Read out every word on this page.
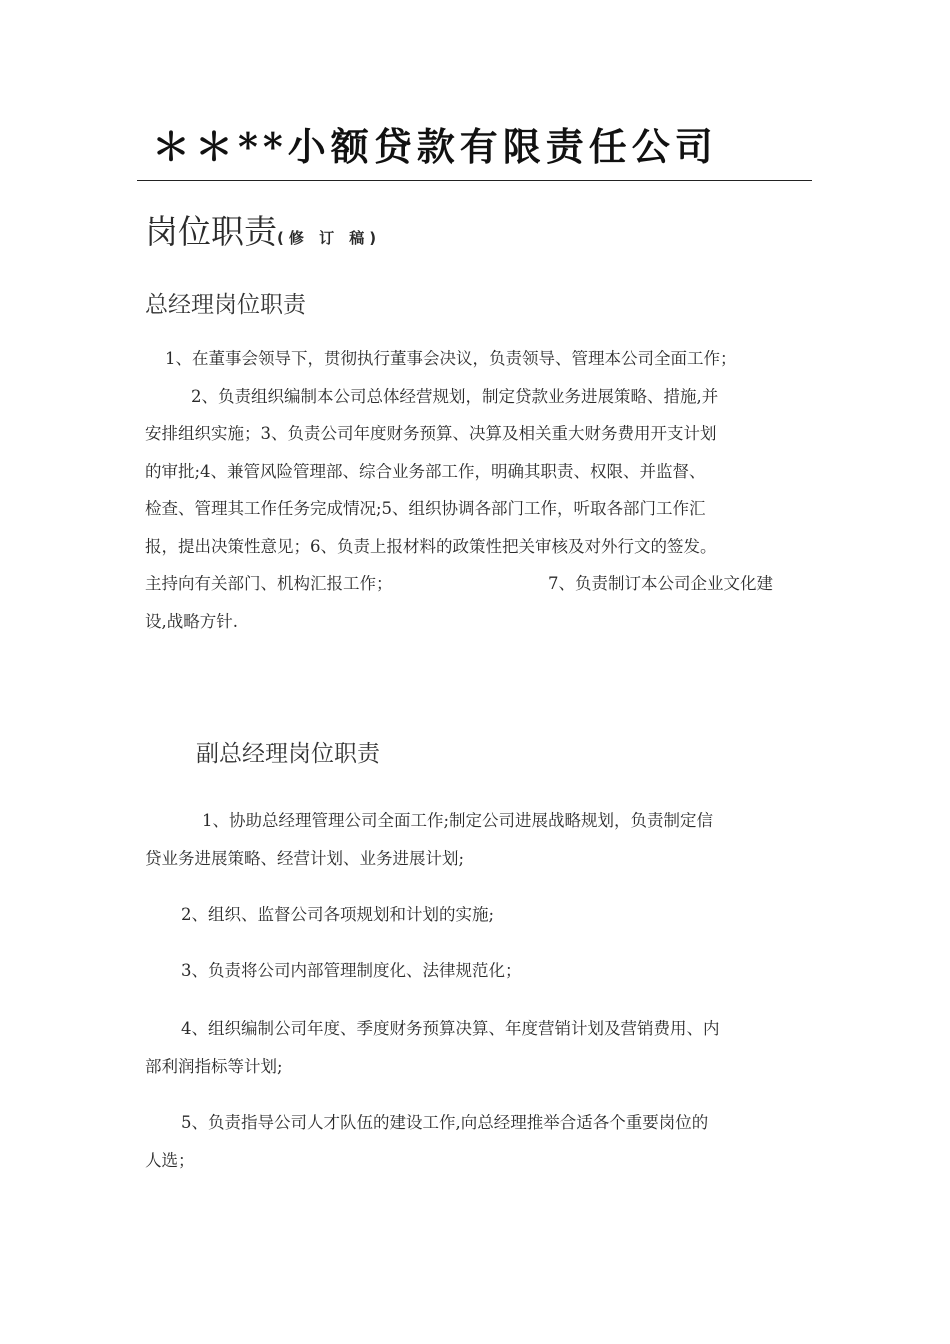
＊＊**小额贷款有限责任公司
岗位职责(修 订 稿)
总经理岗位职责
1、在董事会领导下，贯彻执行董事会决议，负责领导、管理本公司全面工作；
2、负责组织编制本公司总体经营规划，制定贷款业务进展策略、措施,并
安排组织实施；3、负责公司年度财务预算、决算及相关重大财务费用开支计划
的审批;4、兼管风险管理部、综合业务部工作，明确其职责、权限、并监督、
检查、管理其工作任务完成情况;5、组织协调各部门工作，听取各部门工作汇
报，提出决策性意见；6、负责上报材料的政策性把关审核及对外行文的签发。
主持向有关部门、机构汇报工作；	7、负责制订本公司企业文化建
设,战略方针.
副总经理岗位职责
1、协助总经理管理公司全面工作;制定公司进展战略规划，负责制定信
贷业务进展策略、经营计划、业务进展计划;
2、组织、监督公司各项规划和计划的实施;
3、负责将公司内部管理制度化、法律规范化；
4、组织编制公司年度、季度财务预算决算、年度营销计划及营销费用、内
部利润指标等计划;
5、负责指导公司人才队伍的建设工作,向总经理推举合适各个重要岗位的
人选；
